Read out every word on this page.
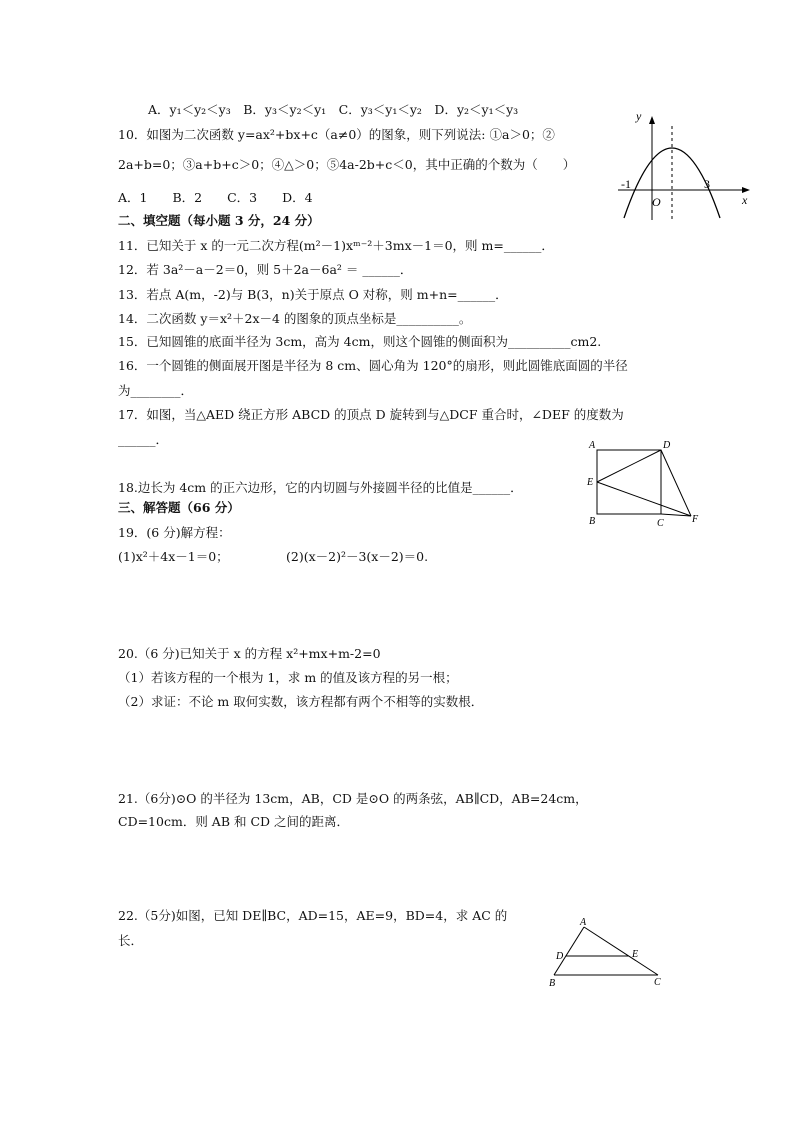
A．y₁＜y₂＜y₃　B．y₃＜y₂＜y₁　C．y₃＜y₁＜y₂　D．y₂＜y₁＜y₃
10．如图为二次函数 y=ax²+bx+c（a≠0）的图象，则下列说法: ①a＞0；②
2a+b=0；③a+b+c＞0；④△＞0；⑤4a-2b+c＜0，其中正确的个数为（　　）
A．1　　B．2　　C．3　　D．4
二、填空题（每小题 3 分，24 分）
11．已知关于 x 的一元二次方程(m²－1)xᵐ⁻²＋3mx－1＝0，则 m=______．
12．若 3a²－a－2＝0，则 5＋2a－6a² ＝ ______．
13．若点 A(m，-2)与 B(3，n)关于原点 O 对称，则 m+n=______．
14．二次函数 y＝x²＋2x－4 的图象的顶点坐标是__________。
15．已知圆锥的底面半径为 3cm，高为 4cm，则这个圆锥的侧面积为__________cm2.
16．一个圆锥的侧面展开图是半径为 8 cm、圆心角为 120°的扇形，则此圆锥底面圆的半径
为________．
17．如图，当△AED 绕正方形 ABCD 的顶点 D 旋转到与△DCF 重合时，∠DEF 的度数为
______．
18.边长为 4cm 的正六边形，它的内切圆与外接圆半径的比值是______．
三、解答题（66 分）
19．(6 分)解方程：
(1)x²＋4x－1＝0；	(2)(x－2)²－3(x－2)＝0.
20.（6 分)已知关于 x 的方程 x²+mx+m-2=0
（1）若该方程的一个根为 1，求 m 的值及该方程的另一根；
（2）求证：不论 m 取何实数，该方程都有两个不相等的实数根．
21.（6分)⊙O 的半径为 13cm，AB，CD 是⊙O 的两条弦，AB∥CD，AB=24cm，
CD=10cm．则 AB 和 CD 之间的距离．
22.（5分)如图，已知 DE∥BC，AD=15，AE=9，BD=4，求 AC 的
长．
y
x
O
-1	3
A	D
E
B	C	F
A
D	E
B	C
